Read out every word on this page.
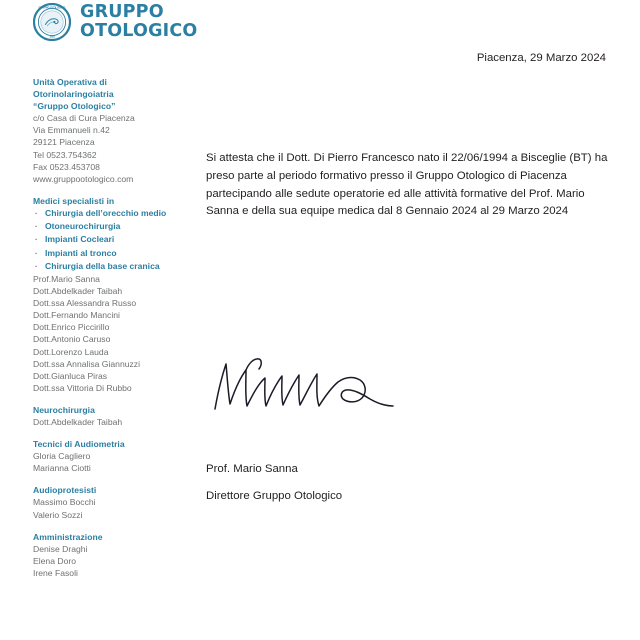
GRUPPO OTOLOGICO
1983
GRUPPO
OTOLOGICO
Unità Operativa di
Otorinolaringoiatria
“Gruppo Otologico”
c/o Casa di Cura Piacenza
Via Emmanueli n.42
29121 Piacenza
Tel 0523.754362
Fax 0523.453708
www.gruppootologico.com
Medici specialisti in
· Chirurgia dell’orecchio medio
· Otoneurochirurgia
· Impianti Cocleari
· Impianti al tronco
· Chirurgia della base cranica
Prof.Mario Sanna
Dott.Abdelkader Taibah
Dott.ssa Alessandra Russo
Dott.Fernando Mancini
Dott.Enrico Piccirillo
Dott.Antonio Caruso
Dott.Lorenzo Lauda
Dott.ssa Annalisa Giannuzzi
Dott.Gianluca Piras
Dott.ssa Vittoria Di Rubbo
Neurochirurgia
Dott.Abdelkader Taibah
Tecnici di Audiometria
Gloria Cagliero
Marianna Ciotti
Audioprotesisti
Massimo Bocchi
Valerio Sozzi
Amministrazione
Denise Draghi
Elena Doro
Irene Fasoli
Piacenza, 29 Marzo 2024
Si attesta che il Dott. Di Pierro Francesco nato il 22/06/1994 a Bisceglie (BT) ha preso parte al periodo formativo presso il Gruppo Otologico di Piacenza partecipando alle sedute operatorie ed alle attività formative del Prof. Mario Sanna e della sua equipe medica dal 8 Gennaio 2024 al 29 Marzo 2024
Prof. Mario Sanna
Direttore Gruppo Otologico
